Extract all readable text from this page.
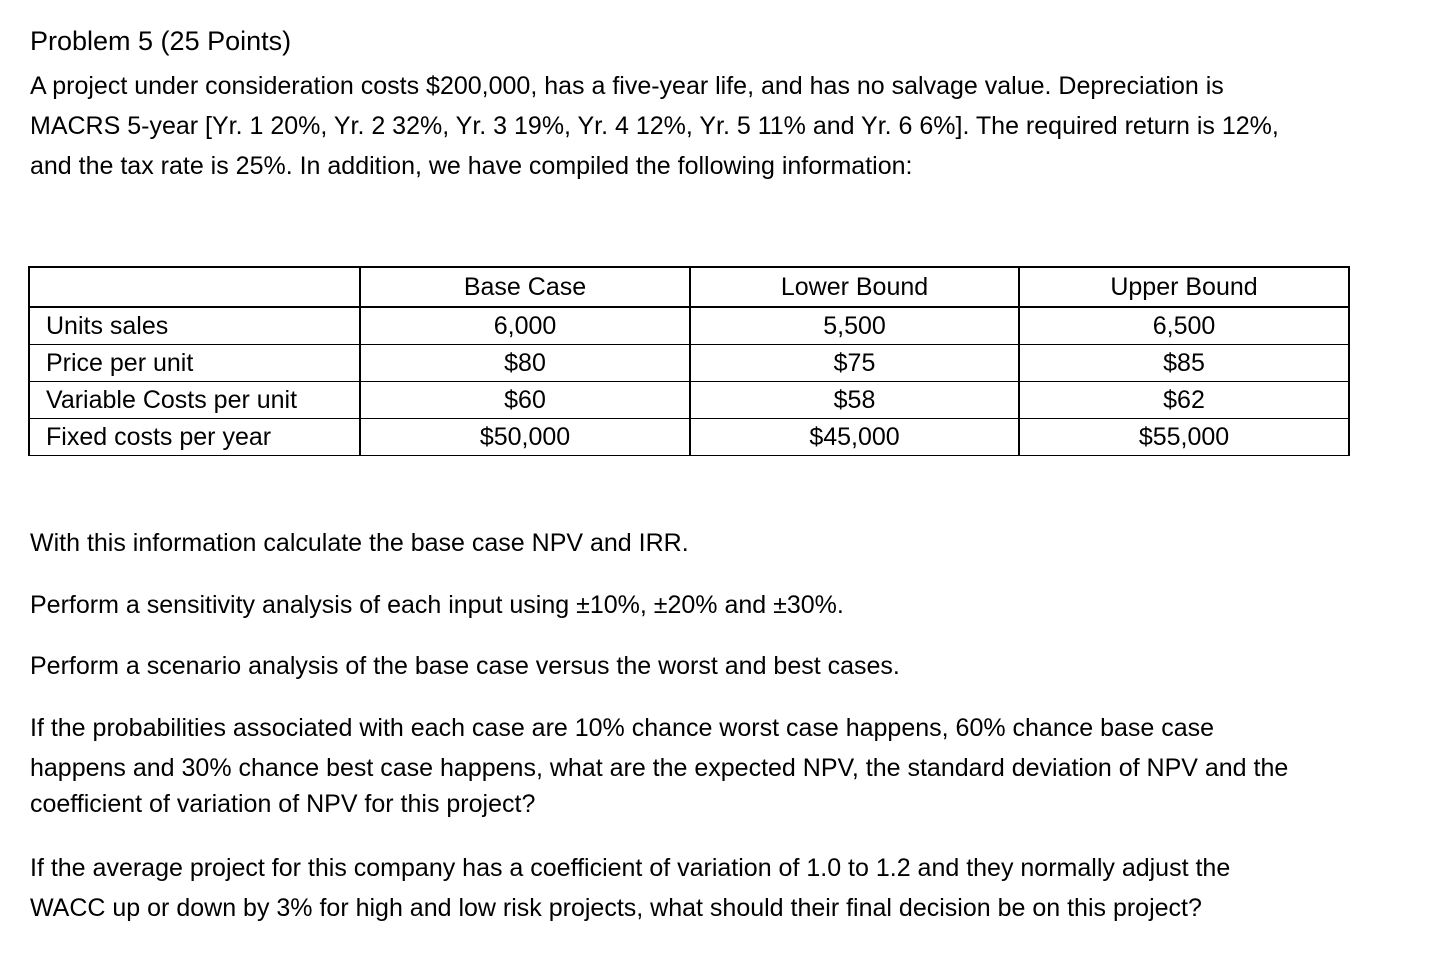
Problem 5 (25 Points)

A project under consideration costs $200,000, has a five-year life, and has no salvage value. Depreciation is

MACRS 5-year [Yr. 1 20%, Yr. 2 32%, Yr. 3 19%, Yr. 4 12%, Yr. 5 11% and Yr. 6 6%]. The required return is 12%,

and the tax rate is 25%. In addition, we have compiled the following information:

	Base Case	Lower Bound	Upper Bound
Units sales	6,000	5,500	6,500
Price per unit	$80	$75	$85
Variable Costs per unit	$60	$58	$62
Fixed costs per year	$50,000	$45,000	$55,000

With this information calculate the base case NPV and IRR.

Perform a sensitivity analysis of each input using ±10%, ±20% and ±30%.

Perform a scenario analysis of the base case versus the worst and best cases.

If the probabilities associated with each case are 10% chance worst case happens, 60% chance base case
happens and 30% chance best case happens, what are the expected NPV, the standard deviation of NPV and the
coefficient of variation of NPV for this project?
If the average project for this company has a coefficient of variation of 1.0 to 1.2 and they normally adjust the
WACC up or down by 3% for high and low risk projects, what should their final decision be on this project?
